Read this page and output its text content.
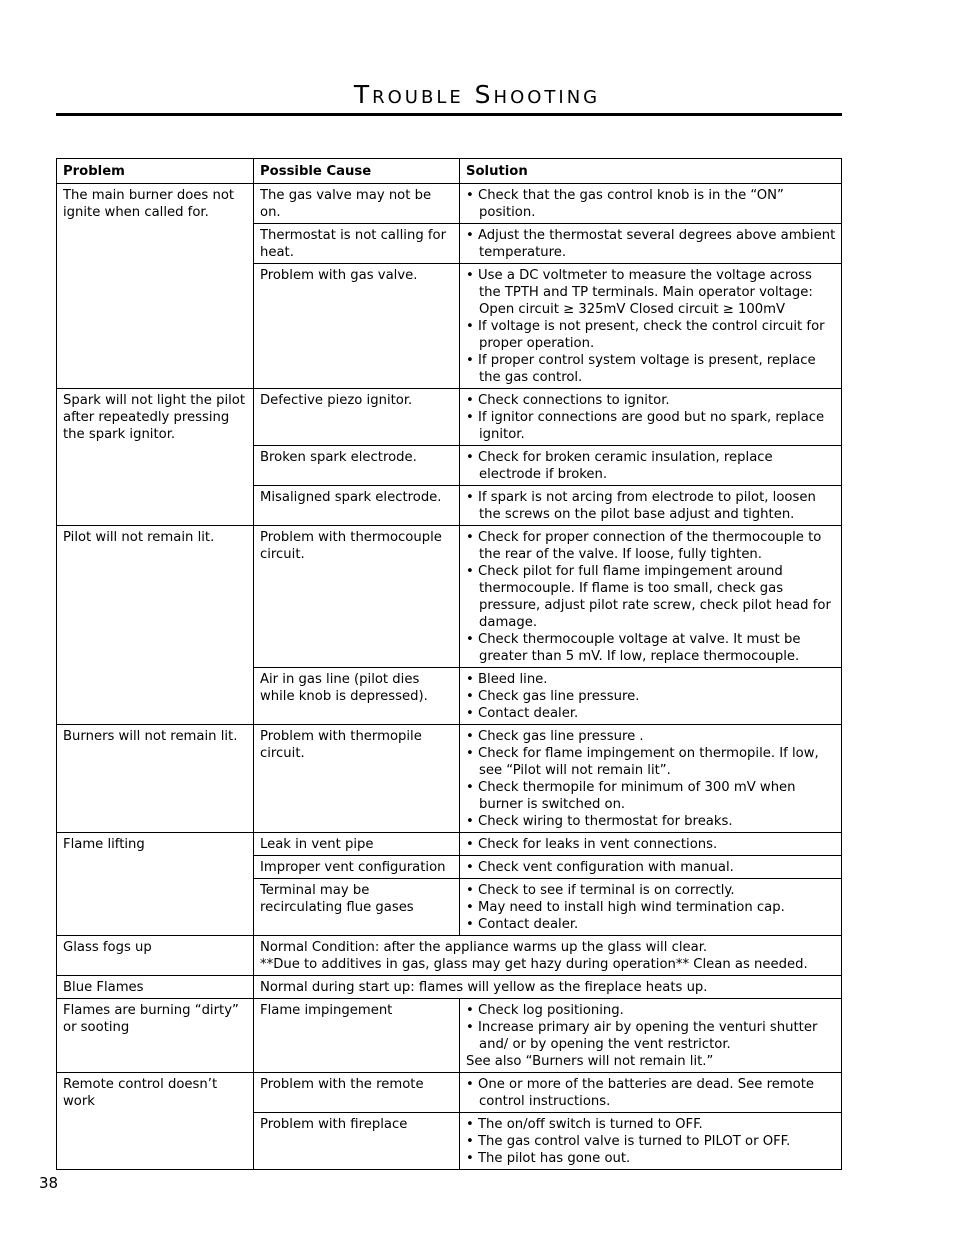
Trouble Shooting
Problem	Possible Cause	Solution
The main burner does not ignite when called for.	The gas valve may not be on.	• Check that the gas control knob is in the “ON” position.

	Thermostat is not calling for heat.	• Adjust the thermostat several degrees above ambient temperature.

	Problem with gas valve.	• Use a DC voltmeter to measure the voltage across the TPTH and TP terminals. Main operator voltage: Open circuit ≥ 325mV Closed circuit ≥ 100mV
• If voltage is not present, check the control circuit for proper operation.
• If proper control system voltage is present, replace the gas control.

Spark will not light the pilot after repeatedly pressing the spark ignitor.	Defective piezo ignitor.	• Check connections to ignitor.
• If ignitor connections are good but no spark, replace ignitor.

	Broken spark electrode.	• Check for broken ceramic insulation, replace electrode if broken.

	Misaligned spark electrode.	• If spark is not arcing from electrode to pilot, loosen the screws on the pilot base adjust and tighten.

Pilot will not remain lit.	Problem with thermocouple circuit.	• Check for proper connection of the thermocouple to the rear of the valve. If loose, fully tighten.
• Check pilot for full flame impingement around thermocouple. If flame is too small, check gas pressure, adjust pilot rate screw, check pilot head for damage.
• Check thermocouple voltage at valve. It must be greater than 5 mV. If low, replace thermocouple.

	Air in gas line (pilot dies while knob is depressed).	• Bleed line.
• Check gas line pressure.
• Contact dealer.

Burners will not remain lit.	Problem with thermopile circuit.	• Check gas line pressure .
• Check for flame impingement on thermopile. If low, see “Pilot will not remain lit”.
• Check thermopile for minimum of 300 mV when burner is switched on.
• Check wiring to thermostat for breaks.

Flame lifting	Leak in vent pipe	• Check for leaks in vent connections.

	Improper vent configuration	• Check vent configuration with manual.

	Terminal may be recirculating flue gases	• Check to see if terminal is on correctly.
• May need to install high wind termination cap.
• Contact dealer.

Glass fogs up	Normal Condition: after the appliance warms up the glass will clear.
**Due to additives in gas, glass may get hazy during operation** Clean as needed.	

Blue Flames	Normal during start up: flames will yellow as the fireplace heats up.	

Flames are burning “dirty” or sooting	Flame impingement	• Check log positioning.
• Increase primary air by opening the venturi shutter and/ or by opening the vent restrictor.
See also “Burners will not remain lit.”

Remote control doesn’t work	Problem with the remote	• One or more of the batteries are dead. See remote control instructions.

	Problem with fireplace	• The on/off switch is turned to OFF.
• The gas control valve is turned to PILOT or OFF.
• The pilot has gone out.
38
